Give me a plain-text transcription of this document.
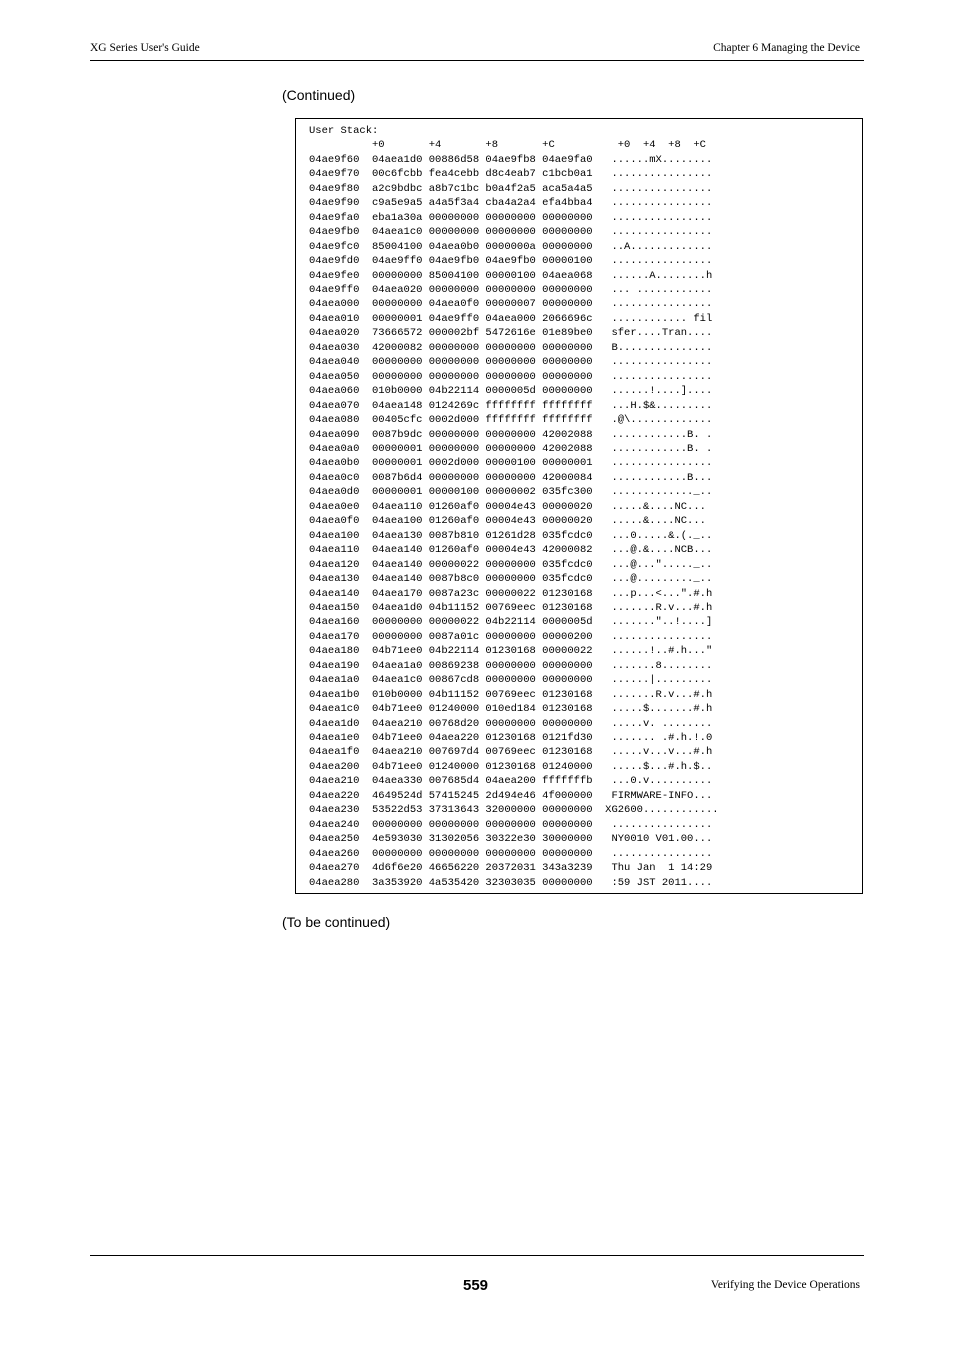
XG Series User's Guide	Chapter 6 Managing the Device
(Continued)
User Stack:
+0       +4       +8       +C          +0  +4  +8  +C
04ae9f60  04aea1d0 00886d58 04ae9fb8 04ae9fa0   ......mX........
04ae9f70  00c6fcbb fea4cebb d8c4eab7 c1bcb0a1   ................
04ae9f80  a2c9bdbc a8b7c1bc b0a4f2a5 aca5a4a5   ................
04ae9f90  c9a5e9a5 a4a5f3a4 cba4a2a4 efa4bba4   ................
04ae9fa0  eba1a30a 00000000 00000000 00000000   ................
04ae9fb0  04aea1c0 00000000 00000000 00000000   ................
04ae9fc0  85004100 04aea0b0 0000000a 00000000   ..A.............
04ae9fd0  04ae9ff0 04ae9fb0 04ae9fb0 00000100   ................
04ae9fe0  00000000 85004100 00000100 04aea068   ......A........h
04ae9ff0  04aea020 00000000 00000000 00000000   ... ............
04aea000  00000000 04aea0f0 00000007 00000000   ................
04aea010  00000001 04ae9ff0 04aea000 2066696c   ............ fil
04aea020  73666572 000002bf 5472616e 01e89be0   sfer....Tran....
04aea030  42000082 00000000 00000000 00000000   B...............
04aea040  00000000 00000000 00000000 00000000   ................
04aea050  00000000 00000000 00000000 00000000   ................
04aea060  010b0000 04b22114 0000005d 00000000   ......!....]....
04aea070  04aea148 0124269c ffffffff ffffffff   ...H.$&.........
04aea080  00405cfc 0002d000 ffffffff ffffffff   .@\.............
04aea090  0087b9dc 00000000 00000000 42002088   ............B. .
04aea0a0  00000001 00000000 00000000 42002088   ............B. .
04aea0b0  00000001 0002d000 00000100 00000001   ................
04aea0c0  0087b6d4 00000000 00000000 42000084   ............B...
04aea0d0  00000001 00000100 00000002 035fc300   ............._..
04aea0e0  04aea110 01260af0 00004e43 00000020   .....&....NC...
04aea0f0  04aea100 01260af0 00004e43 00000020   .....&....NC...
04aea100  04aea130 0087b810 01261d28 035fcdc0   ...0.....&.(._..
04aea110  04aea140 01260af0 00004e43 42000082   ...@.&....NCB...
04aea120  04aea140 00000022 00000000 035fcdc0   ...@..."....._..
04aea130  04aea140 0087b8c0 00000000 035fcdc0   ...@........._..
04aea140  04aea170 0087a23c 00000022 01230168   ...p...<...".#.h
04aea150  04aea1d0 04b11152 00769eec 01230168   .......R.v...#.h
04aea160  00000000 00000022 04b22114 0000005d   ......."..!....]
04aea170  00000000 0087a01c 00000000 00000200   ................
04aea180  04b71ee0 04b22114 01230168 00000022   ......!..#.h..."
04aea190  04aea1a0 00869238 00000000 00000000   .......8........
04aea1a0  04aea1c0 00867cd8 00000000 00000000   ......|.........
04aea1b0  010b0000 04b11152 00769eec 01230168   .......R.v...#.h
04aea1c0  04b71ee0 01240000 010ed184 01230168   .....$.......#.h
04aea1d0  04aea210 00768d20 00000000 00000000   .....v. ........
04aea1e0  04b71ee0 04aea220 01230168 0121fd30   ....... .#.h.!.0
04aea1f0  04aea210 007697d4 00769eec 01230168   .....v...v...#.h
04aea200  04b71ee0 01240000 01230168 01240000   .....$...#.h.$..
04aea210  04aea330 007685d4 04aea200 fffffffb   ...0.v..........
04aea220  4649524d 57415245 2d494e46 4f000000   FIRMWARE-INFO...
04aea230  53522d53 37313643 32000000 00000000  XG2600............
04aea240  00000000 00000000 00000000 00000000   ................
04aea250  4e593030 31302056 30322e30 30000000   NY0010 V01.00...
04aea260  00000000 00000000 00000000 00000000   ................
04aea270  4d6f6e20 46656220 20372031 343a3239   Thu Jan  1 14:29
04aea280  3a353920 4a535420 32303035 00000000   :59 JST 2011....
(To be continued)
559	Verifying the Device Operations
